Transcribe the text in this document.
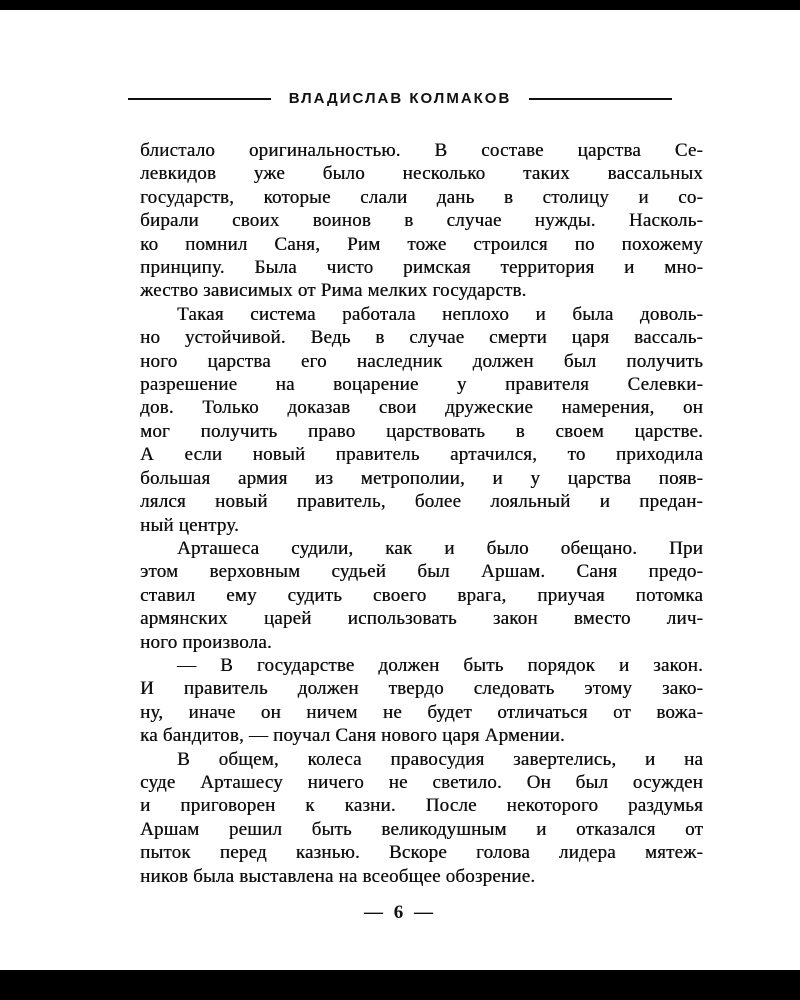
ВЛАДИСЛАВ КОЛМАКОВ
блистало оригинальностью. В составе царства Се-
левкидов уже было несколько таких вассальных
государств, которые слали дань в столицу и со-
бирали своих воинов в случае нужды. Насколь-
ко помнил Саня, Рим тоже строился по похожему
принципу. Была чисто римская территория и мно-
жество зависимых от Рима мелких государств.
Такая система работала неплохо и была доволь-
но устойчивой. Ведь в случае смерти царя вассаль-
ного царства его наследник должен был получить
разрешение на воцарение у правителя Селевки-
дов. Только доказав свои дружеские намерения, он
мог получить право царствовать в своем царстве.
А если новый правитель артачился, то приходила
большая армия из метрополии, и у царства появ-
лялся новый правитель, более лояльный и предан-
ный центру.
Арташеса судили, как и было обещано. При
этом верховным судьей был Аршам. Саня предо-
ставил ему судить своего врага, приучая потомка
армянских царей использовать закон вместо лич-
ного произвола.
— В государстве должен быть порядок и закон.
И правитель должен твердо следовать этому зако-
ну, иначе он ничем не будет отличаться от вожа-
ка бандитов, — поучал Саня нового царя Армении.
В общем, колеса правосудия завертелись, и на
суде Арташесу ничего не светило. Он был осужден
и приговорен к казни. После некоторого раздумья
Аршам решил быть великодушным и отказался от
пыток перед казнью. Вскоре голова лидера мятеж-
ников была выставлена на всеобщее обозрение.
— 6 —
